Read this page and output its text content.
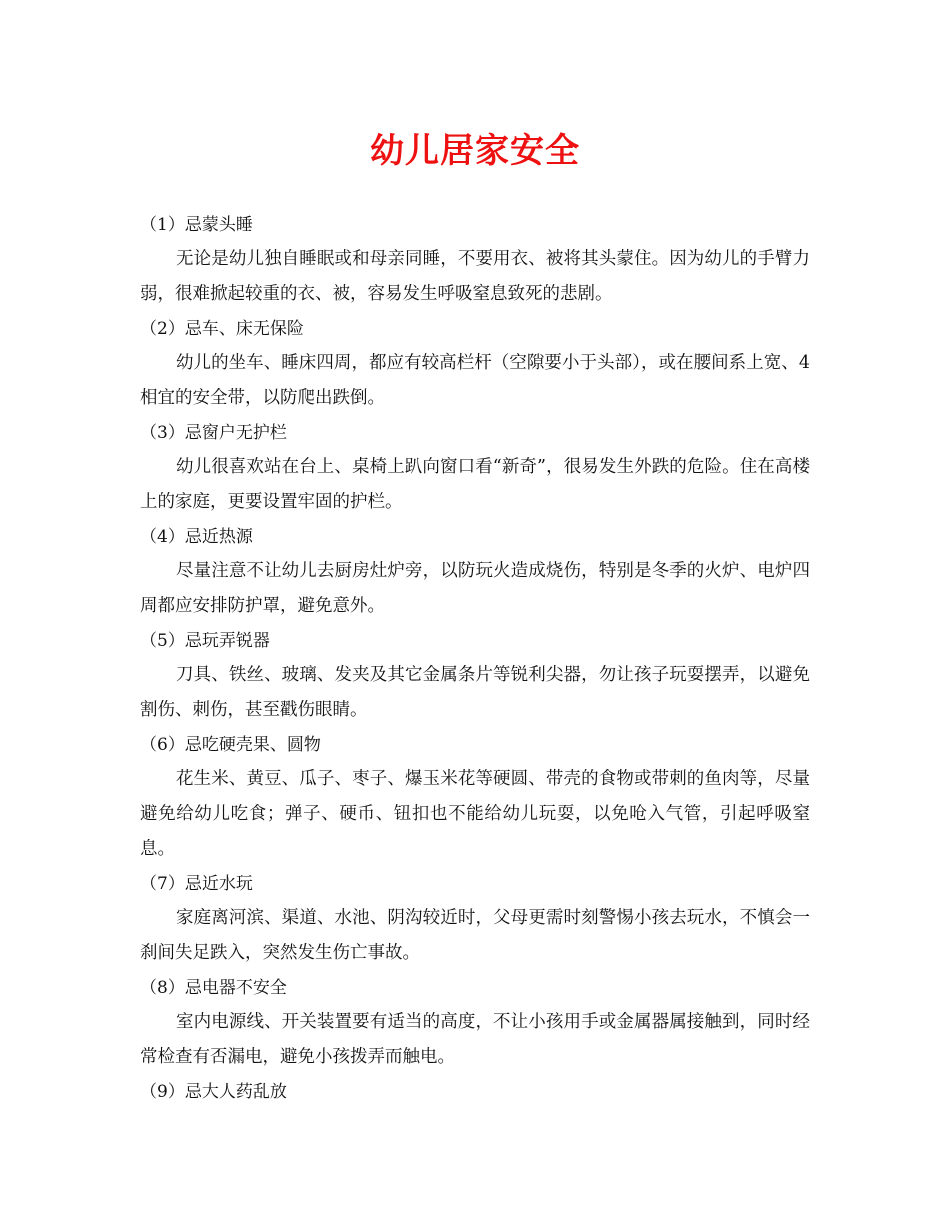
幼儿居家安全
（1）忌蒙头睡

无论是幼儿独自睡眠或和母亲同睡，不要用衣、被将其头蒙住。因为幼儿的手臂力弱，很难掀起较重的衣、被，容易发生呼吸窒息致死的悲剧。

（2）忌车、床无保险

幼儿的坐车、睡床四周，都应有较高栏杆（空隙要小于头部），或在腰间系上宽、4相宜的安全带，以防爬出跌倒。

（3）忌窗户无护栏

幼儿很喜欢站在台上、桌椅上趴向窗口看“新奇”，很易发生外跌的危险。住在高楼上的家庭，更要设置牢固的护栏。

（4）忌近热源

尽量注意不让幼儿去厨房灶炉旁，以防玩火造成烧伤，特别是冬季的火炉、电炉四周都应安排防护罩，避免意外。

（5）忌玩弄锐器

刀具、铁丝、玻璃、发夹及其它金属条片等锐利尖器，勿让孩子玩耍摆弄，以避免割伤、刺伤，甚至戳伤眼睛。

（6）忌吃硬壳果、圆物

花生米、黄豆、瓜子、枣子、爆玉米花等硬圆、带壳的食物或带刺的鱼肉等，尽量避免给幼儿吃食；弹子、硬币、钮扣也不能给幼儿玩耍，以免呛入气管，引起呼吸窒息。

（7）忌近水玩

家庭离河滨、渠道、水池、阴沟较近时，父母更需时刻警惕小孩去玩水，不慎会一刹间失足跌入，突然发生伤亡事故。

（8）忌电器不安全

室内电源线、开关装置要有适当的高度，不让小孩用手或金属器属接触到，同时经常检查有否漏电，避免小孩拨弄而触电。

（9）忌大人药乱放
